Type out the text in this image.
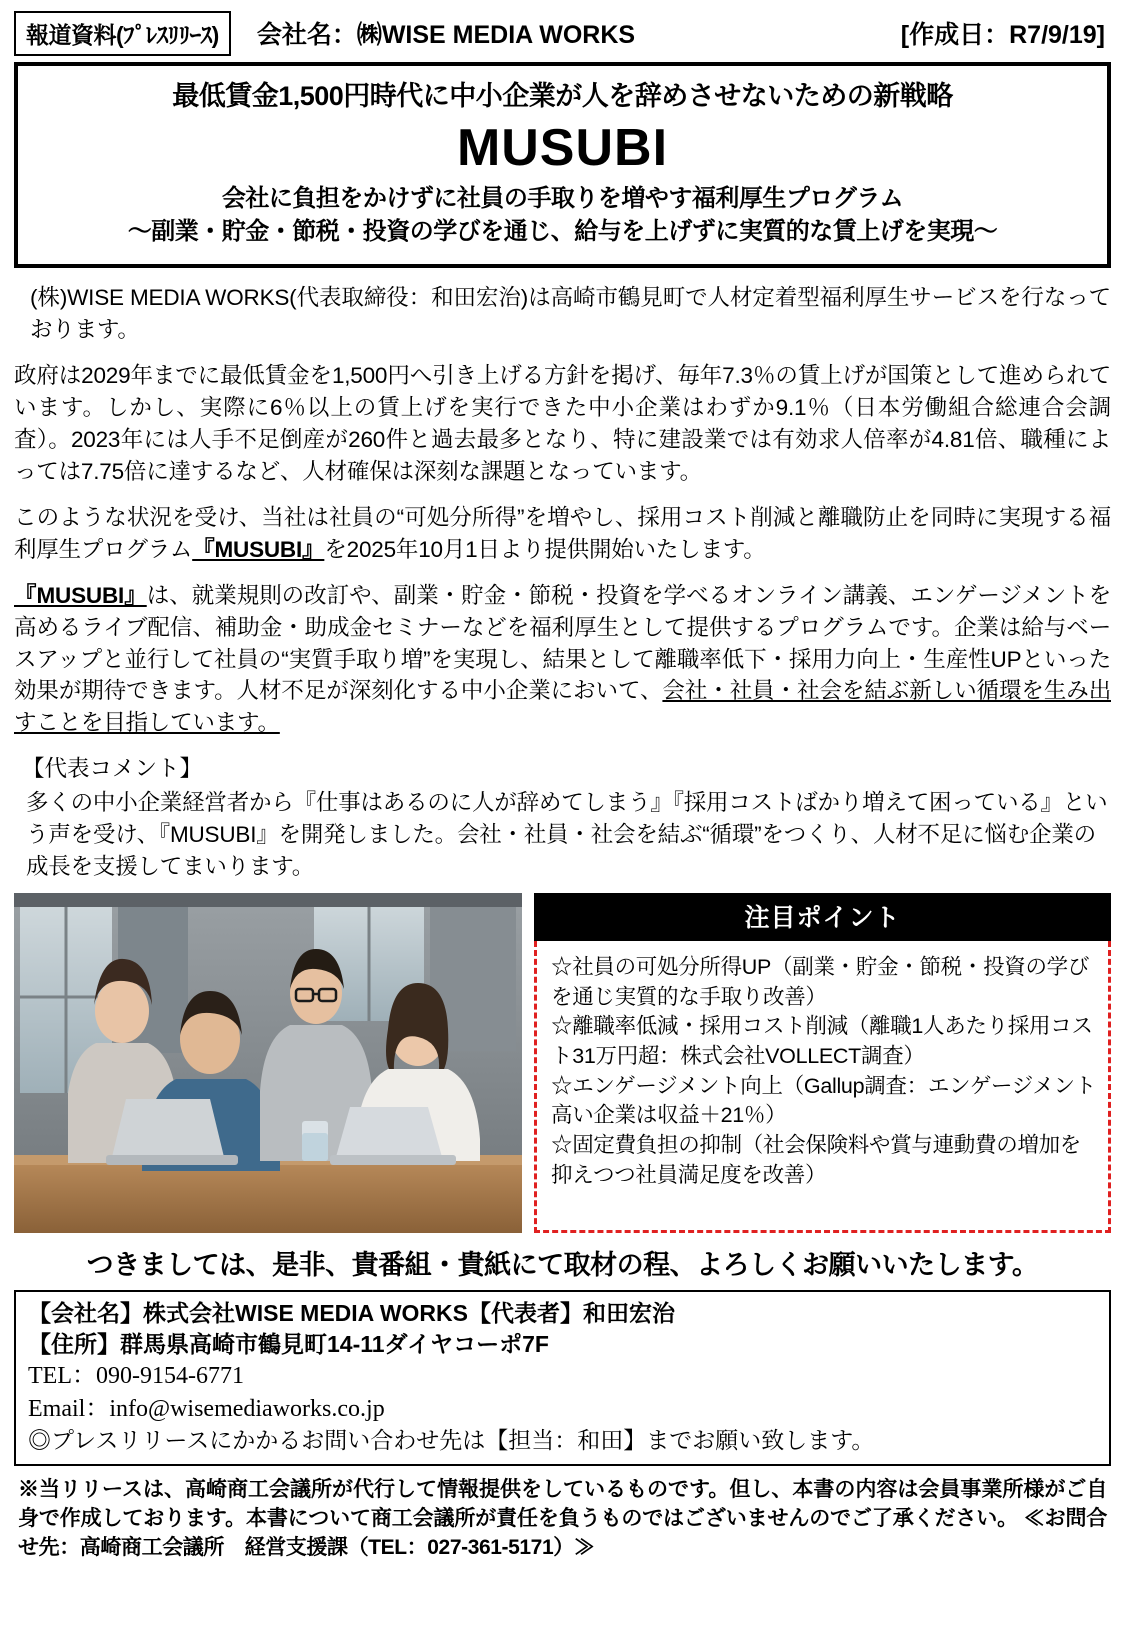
報道資料(ﾌﾟﾚｽﾘﾘｰｽ)	会社名：㈱WISE MEDIA WORKS	[作成日：R7/9/19]
最低賃金1,500円時代に中小企業が人を辞めさせないための新戦略
MUSUBI
会社に負担をかけずに社員の手取りを増やす福利厚生プログラム
〜副業・貯金・節税・投資の学びを通じ、給与を上げずに実質的な賃上げを実現〜

(株)WISE MEDIA WORKS(代表取締役：和田宏治)は高崎市鶴見町で人材定着型福利厚生サービスを行なっております。

政府は2029年までに最低賃金を1,500円へ引き上げる方針を掲げ、毎年7.3％の賃上げが国策として進められています。しかし、実際に6％以上の賃上げを実行できた中小企業はわずか9.1％（日本労働組合総連合会調査）。2023年には人手不足倒産が260件と過去最多となり、特に建設業では有効求人倍率が4.81倍、職種によっては7.75倍に達するなど、人材確保は深刻な課題となっています。

このような状況を受け、当社は社員の“可処分所得”を増やし、採用コスト削減と離職防止を同時に実現する福利厚生プログラム『MUSUBI』を2025年10月1日より提供開始いたします。

『MUSUBI』は、就業規則の改訂や、副業・貯金・節税・投資を学べるオンライン講義、エンゲージメントを高めるライブ配信、補助金・助成金セミナーなどを福利厚生として提供するプログラムです。企業は給与ベースアップと並行して社員の“実質手取り増”を実現し、結果として離職率低下・採用力向上・生産性UPといった効果が期待できます。人材不足が深刻化する中小企業において、会社・社員・社会を結ぶ新しい循環を生み出すことを目指しています。

【代表コメント】
多くの中小企業経営者から『仕事はあるのに人が辞めてしまう』『採用コストばかり増えて困っている』という声を受け、『MUSUBI』を開発しました。会社・社員・社会を結ぶ“循環”をつくり、人材不足に悩む企業の成長を支援してまいります。
注目ポイント

☆社員の可処分所得UP（副業・貯金・節税・投資の学びを通じ実質的な手取り改善）

☆離職率低減・採用コスト削減（離職1人あたり採用コスト31万円超：株式会社VOLLECT調査）

☆エンゲージメント向上（Gallup調査：エンゲージメント高い企業は収益＋21％）

☆固定費負担の抑制（社会保険料や賞与連動費の増加を抑えつつ社員満足度を改善）

つきましては、是非、貴番組・貴紙にて取材の程、よろしくお願いいたします。
【会社名】株式会社WISE MEDIA WORKS【代表者】和田宏治
【住所】群馬県高崎市鶴見町14-11ダイヤコーポ7F
TEL：090-9154-6771
Email：info@wisemediaworks.co.jp
◎プレスリリースにかかるお問い合わせ先は【担当：和田】までお願い致します。
※当リリースは、高崎商工会議所が代行して情報提供をしているものです。但し、本書の内容は会員事業所様がご自身で作成しております。本書について商工会議所が責任を負うものではございませんのでご了承ください。 ≪お問合せ先：高崎商工会議所　経営支援課（TEL：027-361-5171）≫
